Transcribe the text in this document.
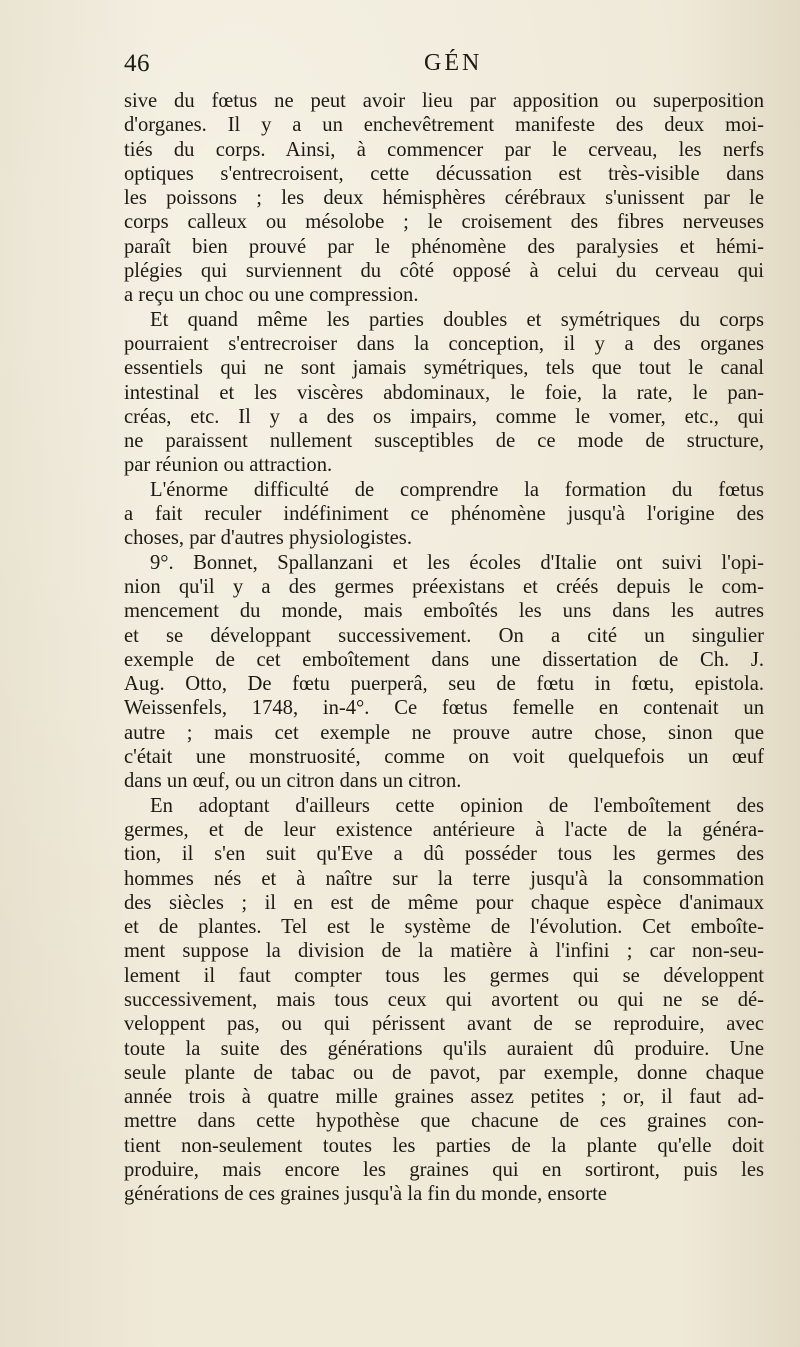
46	GÉN
sive du fœtus ne peut avoir lieu par apposition ou superposition
d'organes. Il y a un enchevêtrement manifeste des deux moi-
tiés du corps. Ainsi, à commencer par le cerveau, les nerfs
optiques s'entrecroisent, cette décussation est très-visible dans
les poissons ; les deux hémisphères cérébraux s'unissent par le
corps calleux ou mésolobe ; le croisement des fibres nerveuses
paraît bien prouvé par le phénomène des paralysies et hémi-
plégies qui surviennent du côté opposé à celui du cerveau qui
a reçu un choc ou une compression.
Et quand même les parties doubles et symétriques du corps
pourraient s'entrecroiser dans la conception, il y a des organes
essentiels qui ne sont jamais symétriques, tels que tout le canal
intestinal et les viscères abdominaux, le foie, la rate, le pan-
créas, etc. Il y a des os impairs, comme le vomer, etc., qui
ne paraissent nullement susceptibles de ce mode de structure,
par réunion ou attraction.
L'énorme difficulté de comprendre la formation du fœtus
a fait reculer indéfiniment ce phénomène jusqu'à l'origine des
choses, par d'autres physiologistes.
9°. Bonnet, Spallanzani et les écoles d'Italie ont suivi l'opi-
nion qu'il y a des germes préexistans et créés depuis le com-
mencement du monde, mais emboîtés les uns dans les autres
et se développant successivement. On a cité un singulier
exemple de cet emboîtement dans une dissertation de Ch. J.
Aug. Otto, De fœtu puerperâ, seu de fœtu in fœtu, epistola.
Weissenfels, 1748, in-4°. Ce fœtus femelle en contenait un
autre ; mais cet exemple ne prouve autre chose, sinon que
c'était une monstruosité, comme on voit quelquefois un œuf
dans un œuf, ou un citron dans un citron.
En adoptant d'ailleurs cette opinion de l'emboîtement des
germes, et de leur existence antérieure à l'acte de la généra-
tion, il s'en suit qu'Eve a dû posséder tous les germes des
hommes nés et à naître sur la terre jusqu'à la consommation
des siècles ; il en est de même pour chaque espèce d'animaux
et de plantes. Tel est le système de l'évolution. Cet emboîte-
ment suppose la division de la matière à l'infini ; car non-seu-
lement il faut compter tous les germes qui se développent
successivement, mais tous ceux qui avortent ou qui ne se dé-
veloppent pas, ou qui périssent avant de se reproduire, avec
toute la suite des générations qu'ils auraient dû produire. Une
seule plante de tabac ou de pavot, par exemple, donne chaque
année trois à quatre mille graines assez petites ; or, il faut ad-
mettre dans cette hypothèse que chacune de ces graines con-
tient non-seulement toutes les parties de la plante qu'elle doit
produire, mais encore les graines qui en sortiront, puis les
générations de ces graines jusqu'à la fin du monde, ensorte
